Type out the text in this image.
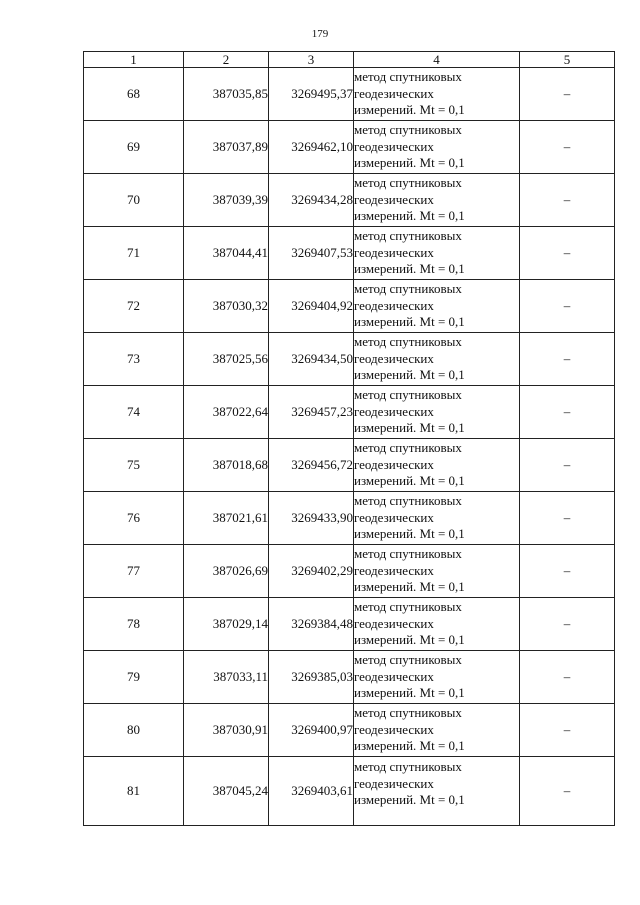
179
1	2	3	4	5
68	387035,85	3269495,37	метод спутниковых
геодезических
измерений. Mt = 0,1	–
69	387037,89	3269462,10	метод спутниковых
геодезических
измерений. Mt = 0,1	–
70	387039,39	3269434,28	метод спутниковых
геодезических
измерений. Mt = 0,1	–
71	387044,41	3269407,53	метод спутниковых
геодезических
измерений. Mt = 0,1	–
72	387030,32	3269404,92	метод спутниковых
геодезических
измерений. Mt = 0,1	–
73	387025,56	3269434,50	метод спутниковых
геодезических
измерений. Mt = 0,1	–
74	387022,64	3269457,23	метод спутниковых
геодезических
измерений. Mt = 0,1	–
75	387018,68	3269456,72	метод спутниковых
геодезических
измерений. Mt = 0,1	–
76	387021,61	3269433,90	метод спутниковых
геодезических
измерений. Mt = 0,1	–
77	387026,69	3269402,29	метод спутниковых
геодезических
измерений. Mt = 0,1	–
78	387029,14	3269384,48	метод спутниковых
геодезических
измерений. Mt = 0,1	–
79	387033,11	3269385,03	метод спутниковых
геодезических
измерений. Mt = 0,1	–
80	387030,91	3269400,97	метод спутниковых
геодезических
измерений. Mt = 0,1	–
81	387045,24	3269403,61	метод спутниковых
геодезических
измерений. Mt = 0,1	–
